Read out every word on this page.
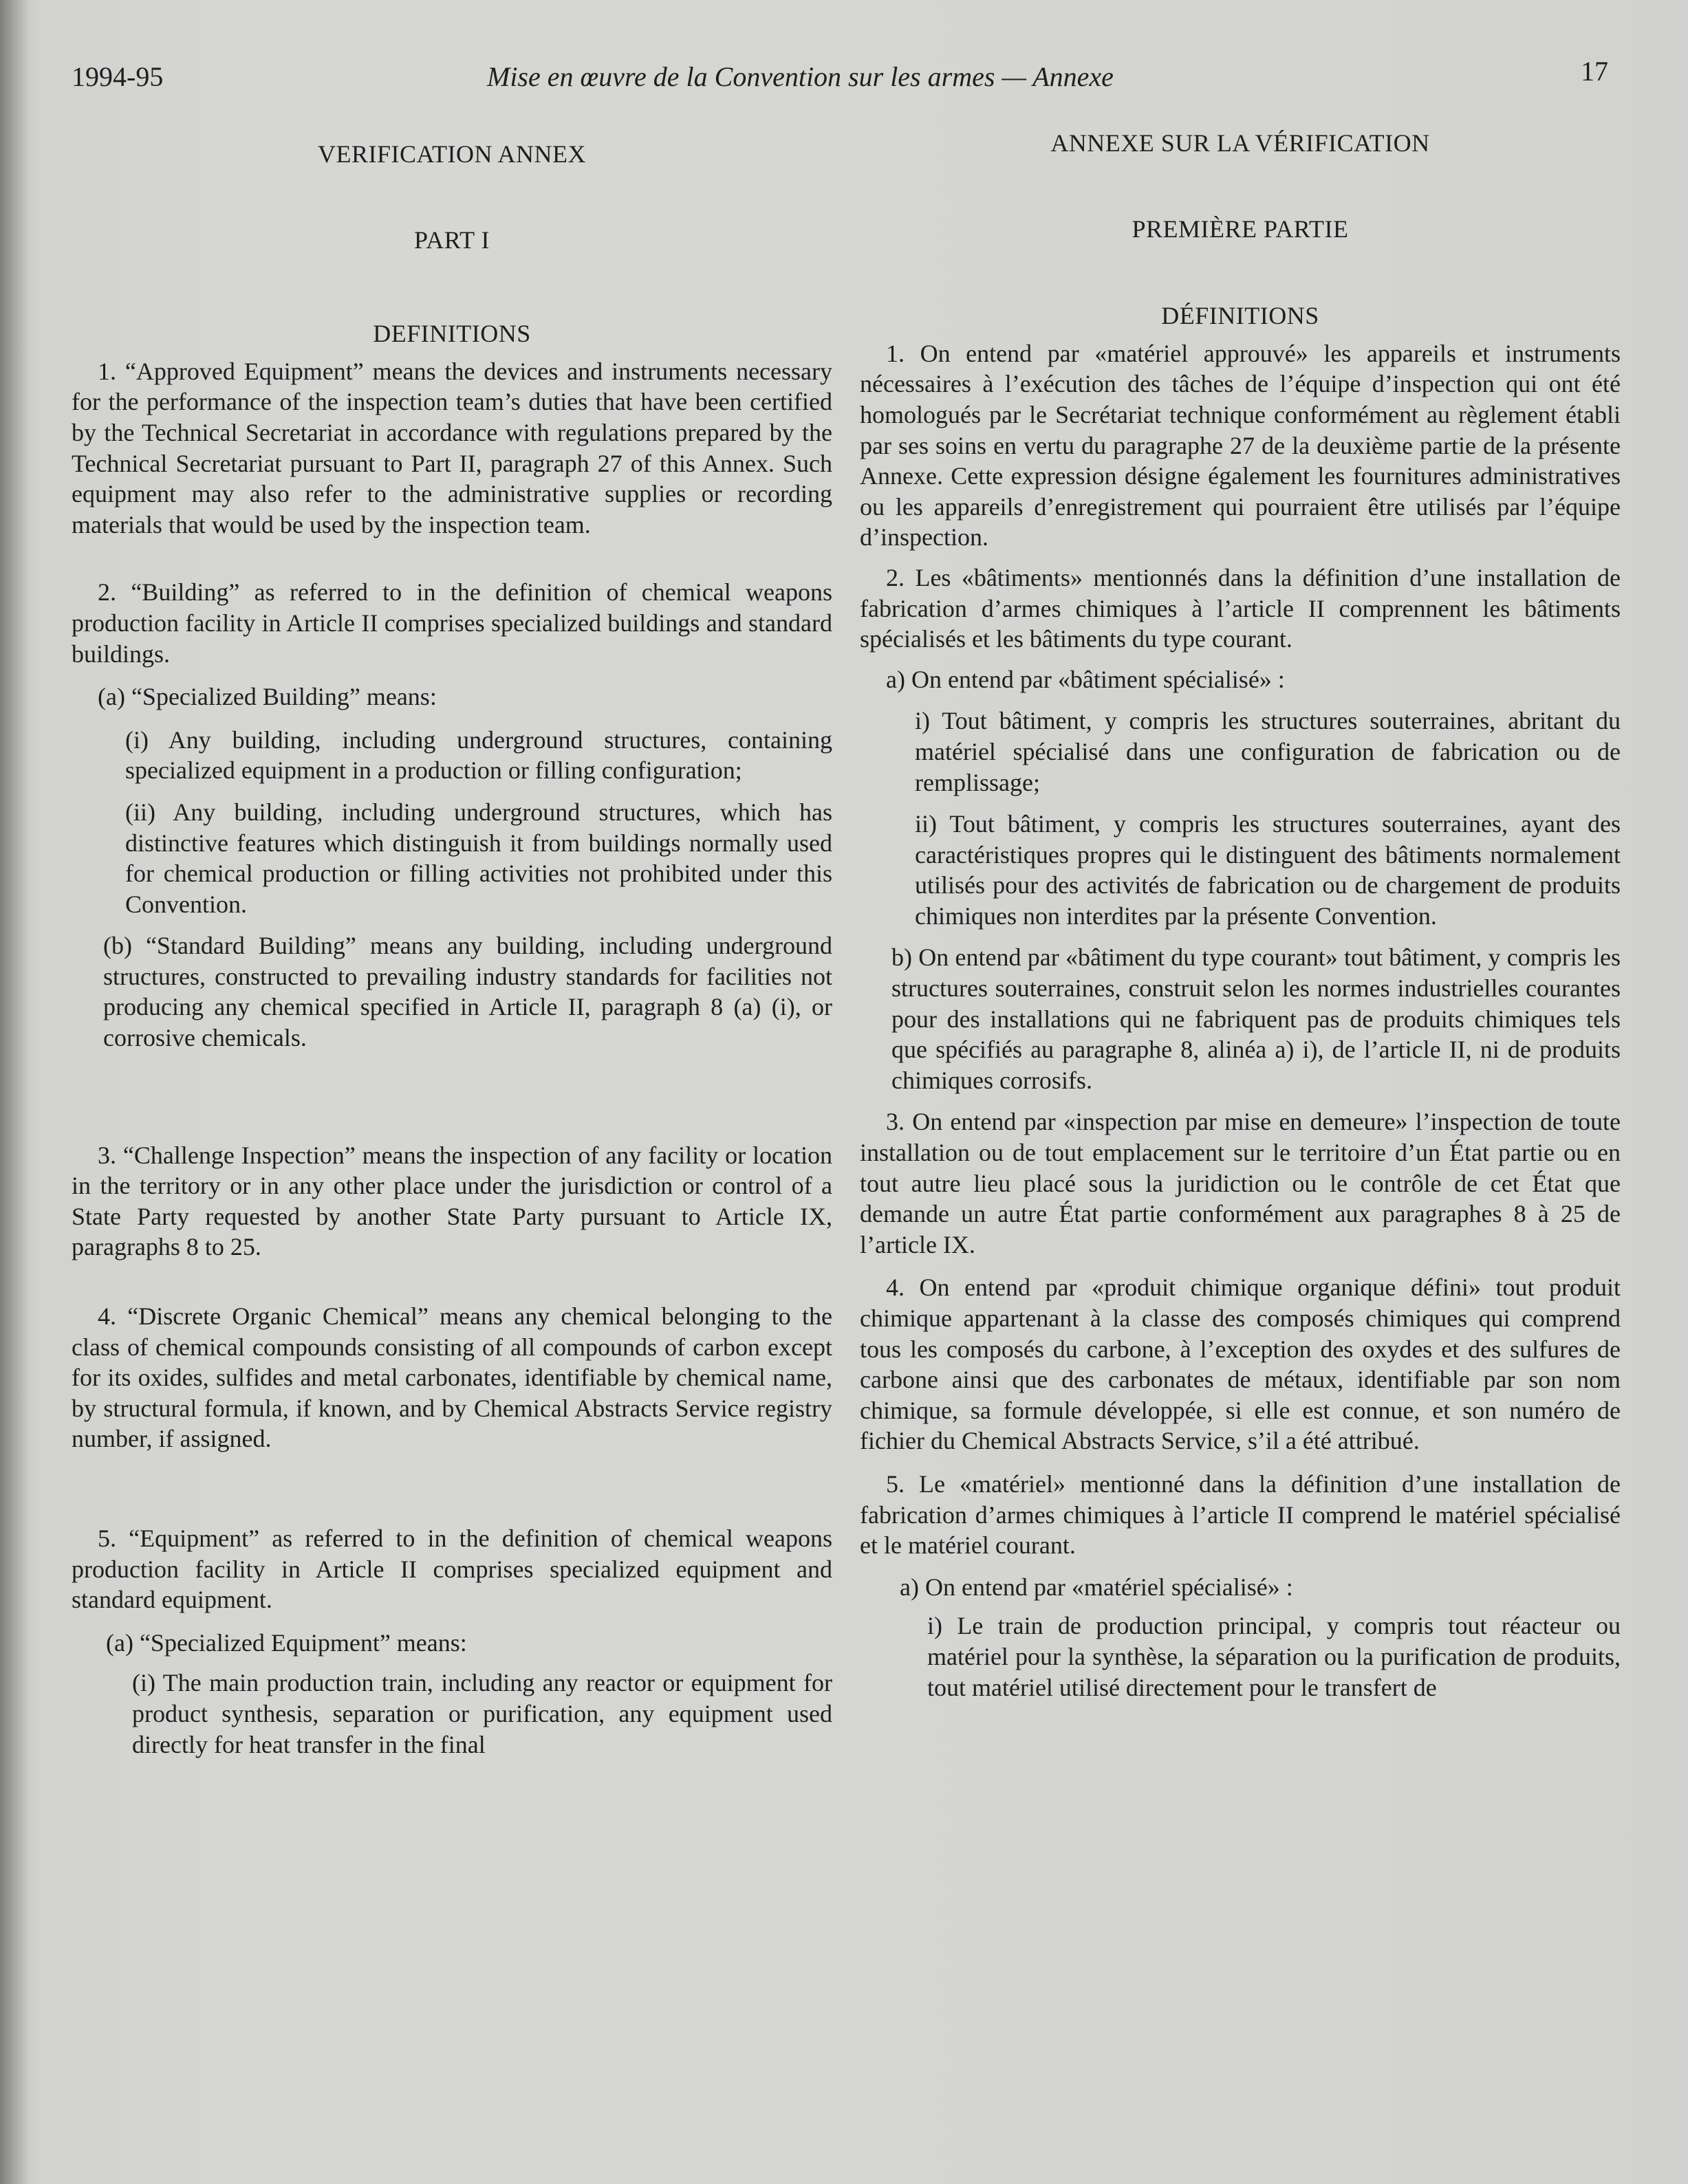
1994-95	Mise en œuvre de la Convention sur les armes — Annexe	17
VERIFICATION ANNEX
PART I
DEFINITIONS

1. “Approved Equipment” means the devices and instruments necessary for the performance of the inspection team’s duties that have been certified by the Technical Secretariat in accordance with regulations prepared by the Technical Secretariat pursuant to Part II, paragraph 27 of this Annex. Such equipment may also refer to the administrative supplies or recording materials that would be used by the inspection team.

2. “Building” as referred to in the definition of chemical weapons production facility in Article II comprises specialized buildings and standard buildings.

(a) “Specialized Building” means:

(i) Any building, including underground structures, containing specialized equipment in a production or filling configuration;

(ii) Any building, including underground structures, which has distinctive features which distinguish it from buildings normally used for chemical production or filling activities not prohibited under this Convention.

(b) “Standard Building” means any building, including underground structures, constructed to prevailing industry standards for facilities not producing any chemical specified in Article II, paragraph 8 (a) (i), or corrosive chemicals.

3. “Challenge Inspection” means the inspection of any facility or location in the territory or in any other place under the jurisdiction or control of a State Party requested by another State Party pursuant to Article IX, paragraphs 8 to 25.

4. “Discrete Organic Chemical” means any chemical belonging to the class of chemical compounds consisting of all compounds of carbon except for its oxides, sulfides and metal carbonates, identifiable by chemical name, by structural formula, if known, and by Chemical Abstracts Service registry number, if assigned.

5. “Equipment” as referred to in the definition of chemical weapons production facility in Article II comprises specialized equipment and standard equipment.

(a) “Specialized Equipment” means:

(i) The main production train, including any reactor or equipment for product synthesis, separation or purification, any equipment used directly for heat transfer in the final

ANNEXE SUR LA VÉRIFICATION
PREMIÈRE PARTIE
DÉFINITIONS

1. On entend par «matériel approuvé» les appareils et instruments nécessaires à l’exécution des tâches de l’équipe d’inspection qui ont été homologués par le Secrétariat technique conformément au règlement établi par ses soins en vertu du paragraphe 27 de la deuxième partie de la présente Annexe. Cette expression désigne également les fournitures administratives ou les appareils d’enregistrement qui pourraient être utilisés par l’équipe d’inspection.

2. Les «bâtiments» mentionnés dans la définition d’une installation de fabrication d’armes chimiques à l’article II comprennent les bâtiments spécialisés et les bâtiments du type courant.

a) On entend par «bâtiment spécialisé» :

i) Tout bâtiment, y compris les structures souterraines, abritant du matériel spécialisé dans une configuration de fabrication ou de remplissage;

ii) Tout bâtiment, y compris les structures souterraines, ayant des caractéristiques propres qui le distinguent des bâtiments normalement utilisés pour des activités de fabrication ou de chargement de produits chimiques non interdites par la présente Convention.

b) On entend par «bâtiment du type courant» tout bâtiment, y compris les structures souterraines, construit selon les normes industrielles courantes pour des installations qui ne fabriquent pas de produits chimiques tels que spécifiés au paragraphe 8, alinéa a) i), de l’article II, ni de produits chimiques corrosifs.

3. On entend par «inspection par mise en demeure» l’inspection de toute installation ou de tout emplacement sur le territoire d’un État partie ou en tout autre lieu placé sous la juridiction ou le contrôle de cet État que demande un autre État partie conformément aux paragraphes 8 à 25 de l’article IX.

4. On entend par «produit chimique organique défini» tout produit chimique appartenant à la classe des composés chimiques qui comprend tous les composés du carbone, à l’exception des oxydes et des sulfures de carbone ainsi que des carbonates de métaux, identifiable par son nom chimique, sa formule développée, si elle est connue, et son numéro de fichier du Chemical Abstracts Service, s’il a été attribué.

5. Le «matériel» mentionné dans la définition d’une installation de fabrication d’armes chimiques à l’article II comprend le matériel spécialisé et le matériel courant.

a) On entend par «matériel spécialisé» :

i) Le train de production principal, y compris tout réacteur ou matériel pour la synthèse, la séparation ou la purification de produits, tout matériel utilisé directement pour le transfert de
